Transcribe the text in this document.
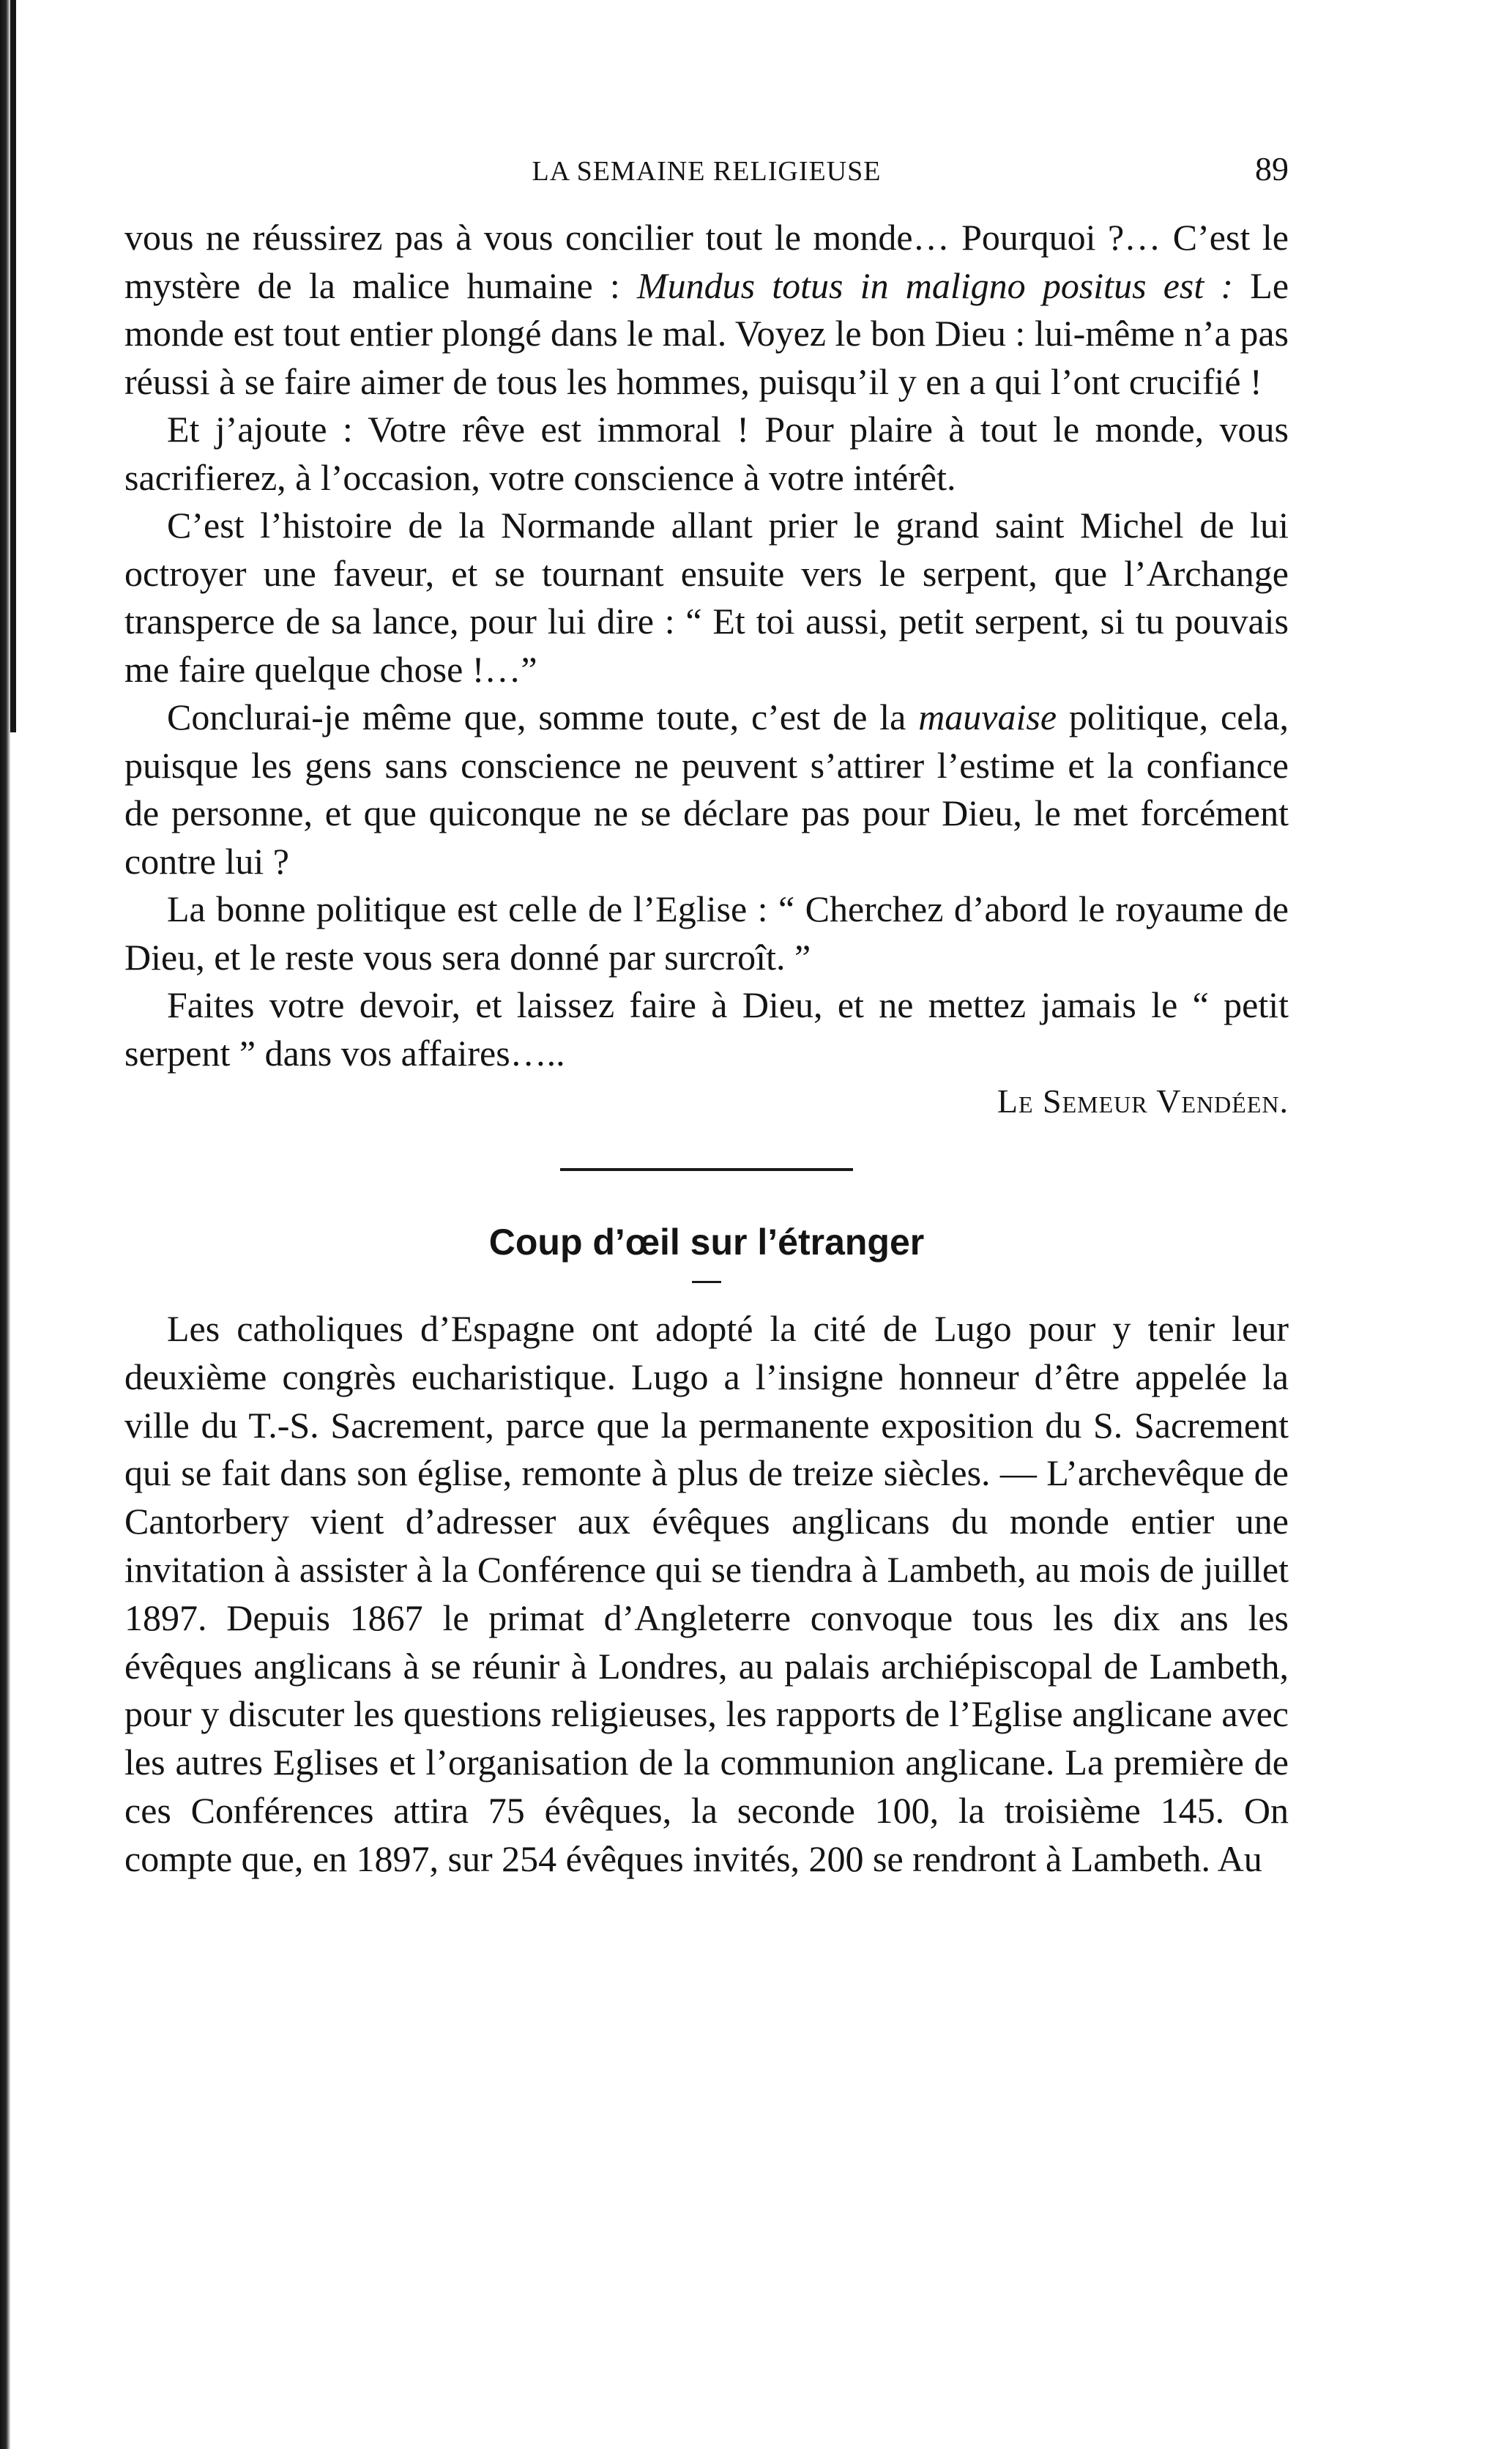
LA SEMAINE RELIGIEUSE	89

vous ne réussirez pas à vous concilier tout le monde… Pourquoi ?… C’est le mystère de la malice humaine : Mundus totus in maligno positus est : Le monde est tout entier plongé dans le mal. Voyez le bon Dieu : lui-même n’a pas réussi à se faire aimer de tous les hommes, puisqu’il y en a qui l’ont crucifié !

Et j’ajoute : Votre rêve est immoral ! Pour plaire à tout le monde, vous sacrifierez, à l’occasion, votre conscience à votre intérêt.

C’est l’histoire de la Normande allant prier le grand saint Michel de lui octroyer une faveur, et se tournant ensuite vers le serpent, que l’Archange transperce de sa lance, pour lui dire : “ Et toi aussi, petit serpent, si tu pouvais me faire quelque chose !…”

Conclurai-je même que, somme toute, c’est de la mauvaise politique, cela, puisque les gens sans conscience ne peuvent s’attirer l’estime et la confiance de personne, et que quiconque ne se déclare pas pour Dieu, le met forcément contre lui ?

La bonne politique est celle de l’Eglise : “ Cherchez d’abord le royaume de Dieu, et le reste vous sera donné par surcroît. ”

Faites votre devoir, et laissez faire à Dieu, et ne mettez jamais le “ petit serpent ” dans vos affaires…..

Le Semeur Vendéen.

Coup d’œil sur l’étranger

Les catholiques d’Espagne ont adopté la cité de Lugo pour y tenir leur deuxième congrès eucharistique. Lugo a l’insigne honneur d’être appelée la ville du T.-S. Sacrement, parce que la permanente exposition du S. Sacrement qui se fait dans son église, remonte à plus de treize siècles. — L’archevêque de Cantorbery vient d’adresser aux évêques anglicans du monde entier une invitation à assister à la Conférence qui se tiendra à Lambeth, au mois de juillet 1897. Depuis 1867 le primat d’Angleterre convoque tous les dix ans les évêques anglicans à se réunir à Londres, au palais archiépiscopal de Lambeth, pour y discuter les questions religieuses, les rapports de l’Eglise anglicane avec les autres Eglises et l’organisation de la communion anglicane. La première de ces Conférences attira 75 évêques, la seconde 100, la troisième 145. On compte que, en 1897, sur 254 évêques invités, 200 se rendront à Lambeth. Au
